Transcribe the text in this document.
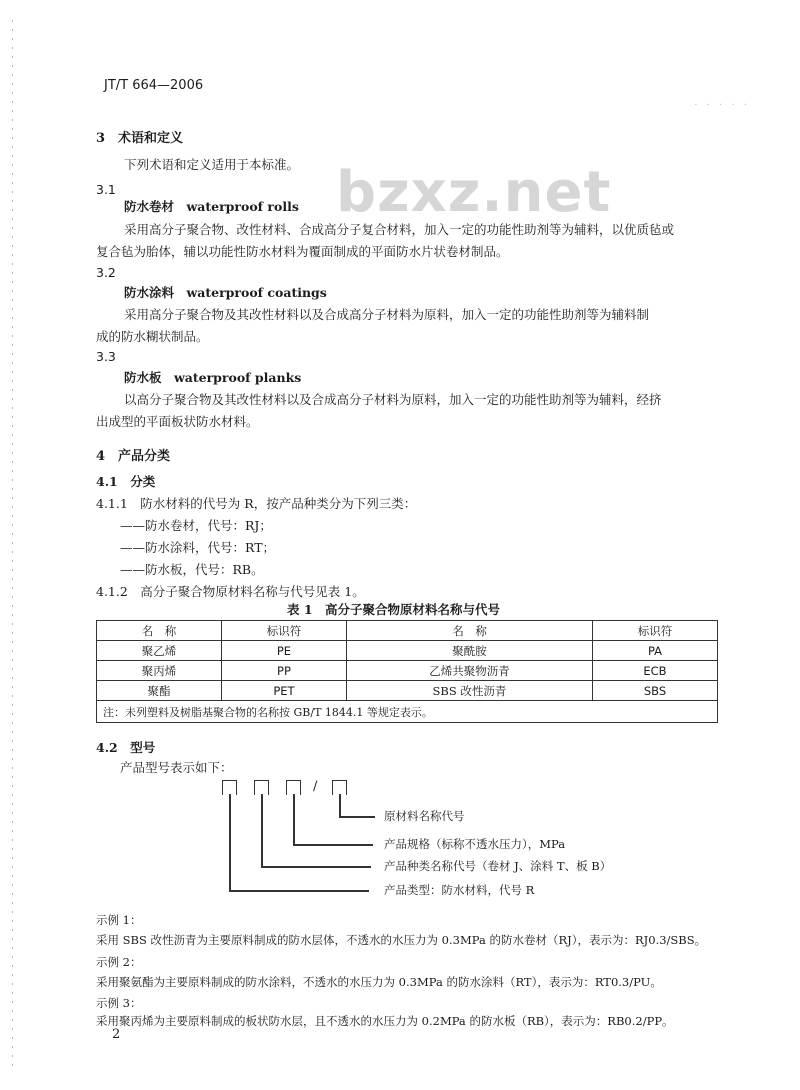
JT/T 664—2006
· · · · ·
bzxz.net
3　术语和定义
下列术语和定义适用于本标准。
3.1
防水卷材　waterproof rolls
采用高分子聚合物、改性材料、合成高分子复合材料，加入一定的功能性助剂等为辅料，以优质毡或
复合毡为胎体，辅以功能性防水材料为覆面制成的平面防水片状卷材制品。
3.2
防水涂料　waterproof coatings
采用高分子聚合物及其改性材料以及合成高分子材料为原料，加入一定的功能性助剂等为辅料制
成的防水糊状制品。
3.3
防水板　waterproof planks
以高分子聚合物及其改性材料以及合成高分子材料为原料，加入一定的功能性助剂等为辅料，经挤
出成型的平面板状防水材料。
4　产品分类
4.1　分类
4.1.1　防水材料的代号为 R，按产品种类分为下列三类：
——防水卷材，代号：RJ；
——防水涂料，代号：RT；
——防水板，代号：RB。
4.1.2　高分子聚合物原材料名称与代号见表 1。
表 1　高分子聚合物原材料名称与代号
名　称	标识符	名　称	标识符
聚乙烯	PE	聚酰胺	PA
聚丙烯	PP	乙烯共聚物沥青	ECB
聚酯	PET	SBS 改性沥青	SBS
注：未列塑料及树脂基聚合物的名称按 GB/T 1844.1 等规定表示。			
4.2　型号
产品型号表示如下：
/
原材料名称代号
产品规格（标称不透水压力），MPa
产品种类名称代号（卷材 J、涂料 T、板 B）
产品类型：防水材料，代号 R
示例 1：
采用 SBS 改性沥青为主要原料制成的防水层体，不透水的水压力为 0.3MPa 的防水卷材（RJ），表示为：RJ0.3/SBS。
示例 2：
采用聚氨酯为主要原料制成的防水涂料，不透水的水压力为 0.3MPa 的防水涂料（RT），表示为：RT0.3/PU。
示例 3：
采用聚丙烯为主要原料制成的板状防水层，且不透水的水压力为 0.2MPa 的防水板（RB），表示为：RB0.2/PP。
2
